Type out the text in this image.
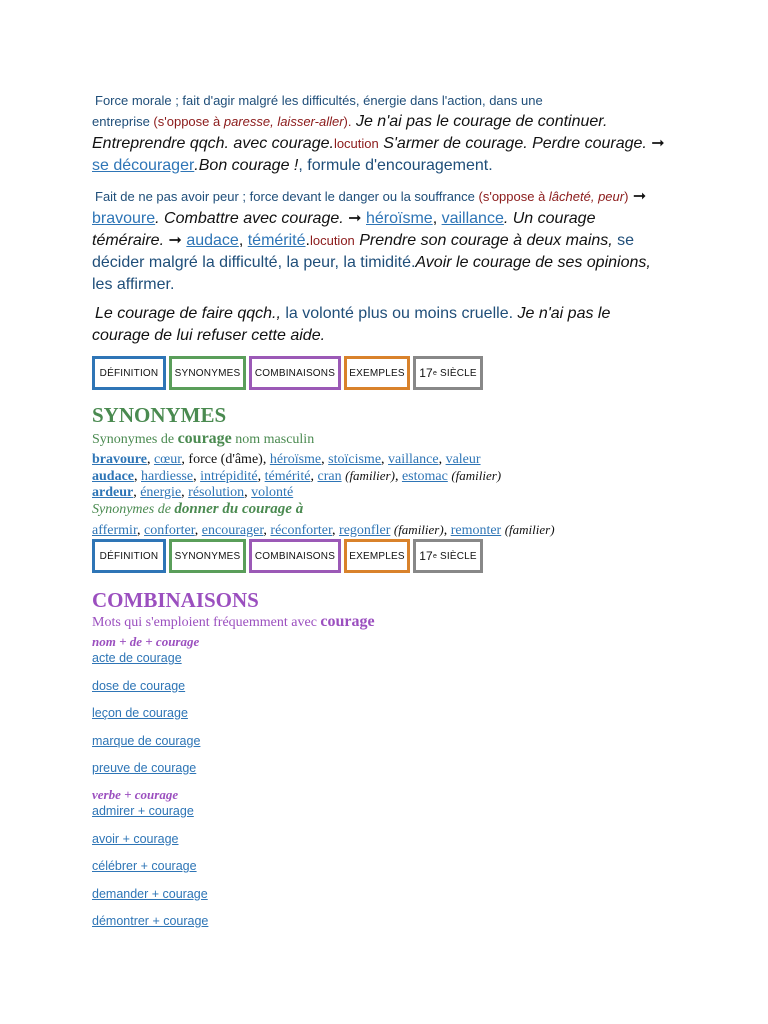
Force morale ; fait d'agir malgré les difficultés, énergie dans l'action, dans une
entreprise (s'oppose à paresse, laisser-aller). Je n'ai pas le courage de continuer. Entreprendre qqch. avec courage.locution S'armer de courage. Perdre courage. ➞ se décourager.Bon courage !, formule d'encouragement.
Fait de ne pas avoir peur ; force devant le danger ou la souffrance (s'oppose à lâcheté, peur) ➞ bravoure. Combattre avec courage. ➞ héroïsme, vaillance. Un courage téméraire. ➞ audace, témérité.locution Prendre son courage à deux mains, se décider malgré la difficulté, la peur, la timidité.Avoir le courage de ses opinions, les affirmer.
Le courage de faire qqch., la volonté plus ou moins cruelle. Je n'ai pas le courage de lui refuser cette aide.
DÉFINITION	SYNONYMES	COMBINAISONS	EXEMPLES	17 e
SIÈCLE
SYNONYMES
Synonymes de courage nom masculin
bravoure, cœur, force (d'âme), héroïsme, stoïcisme, vaillance, valeur
audace, hardiesse, intrépidité, témérité, cran (familier), estomac (familier)
ardeur, énergie, résolution, volonté
Synonymes de donner du courage à
affermir, conforter, encourager, réconforter, regonfler (familier), remonter (familier)
DÉFINITION	SYNONYMES	COMBINAISONS	EXEMPLES	17 e
SIÈCLE
COMBINAISONS
Mots qui s'emploient fréquemment avec courage
nom + de + courage
acte de courage
dose de courage
leçon de courage
marque de courage
preuve de courage
verbe + courage
admirer + courage
avoir + courage
célébrer + courage
demander + courage
démontrer + courage
